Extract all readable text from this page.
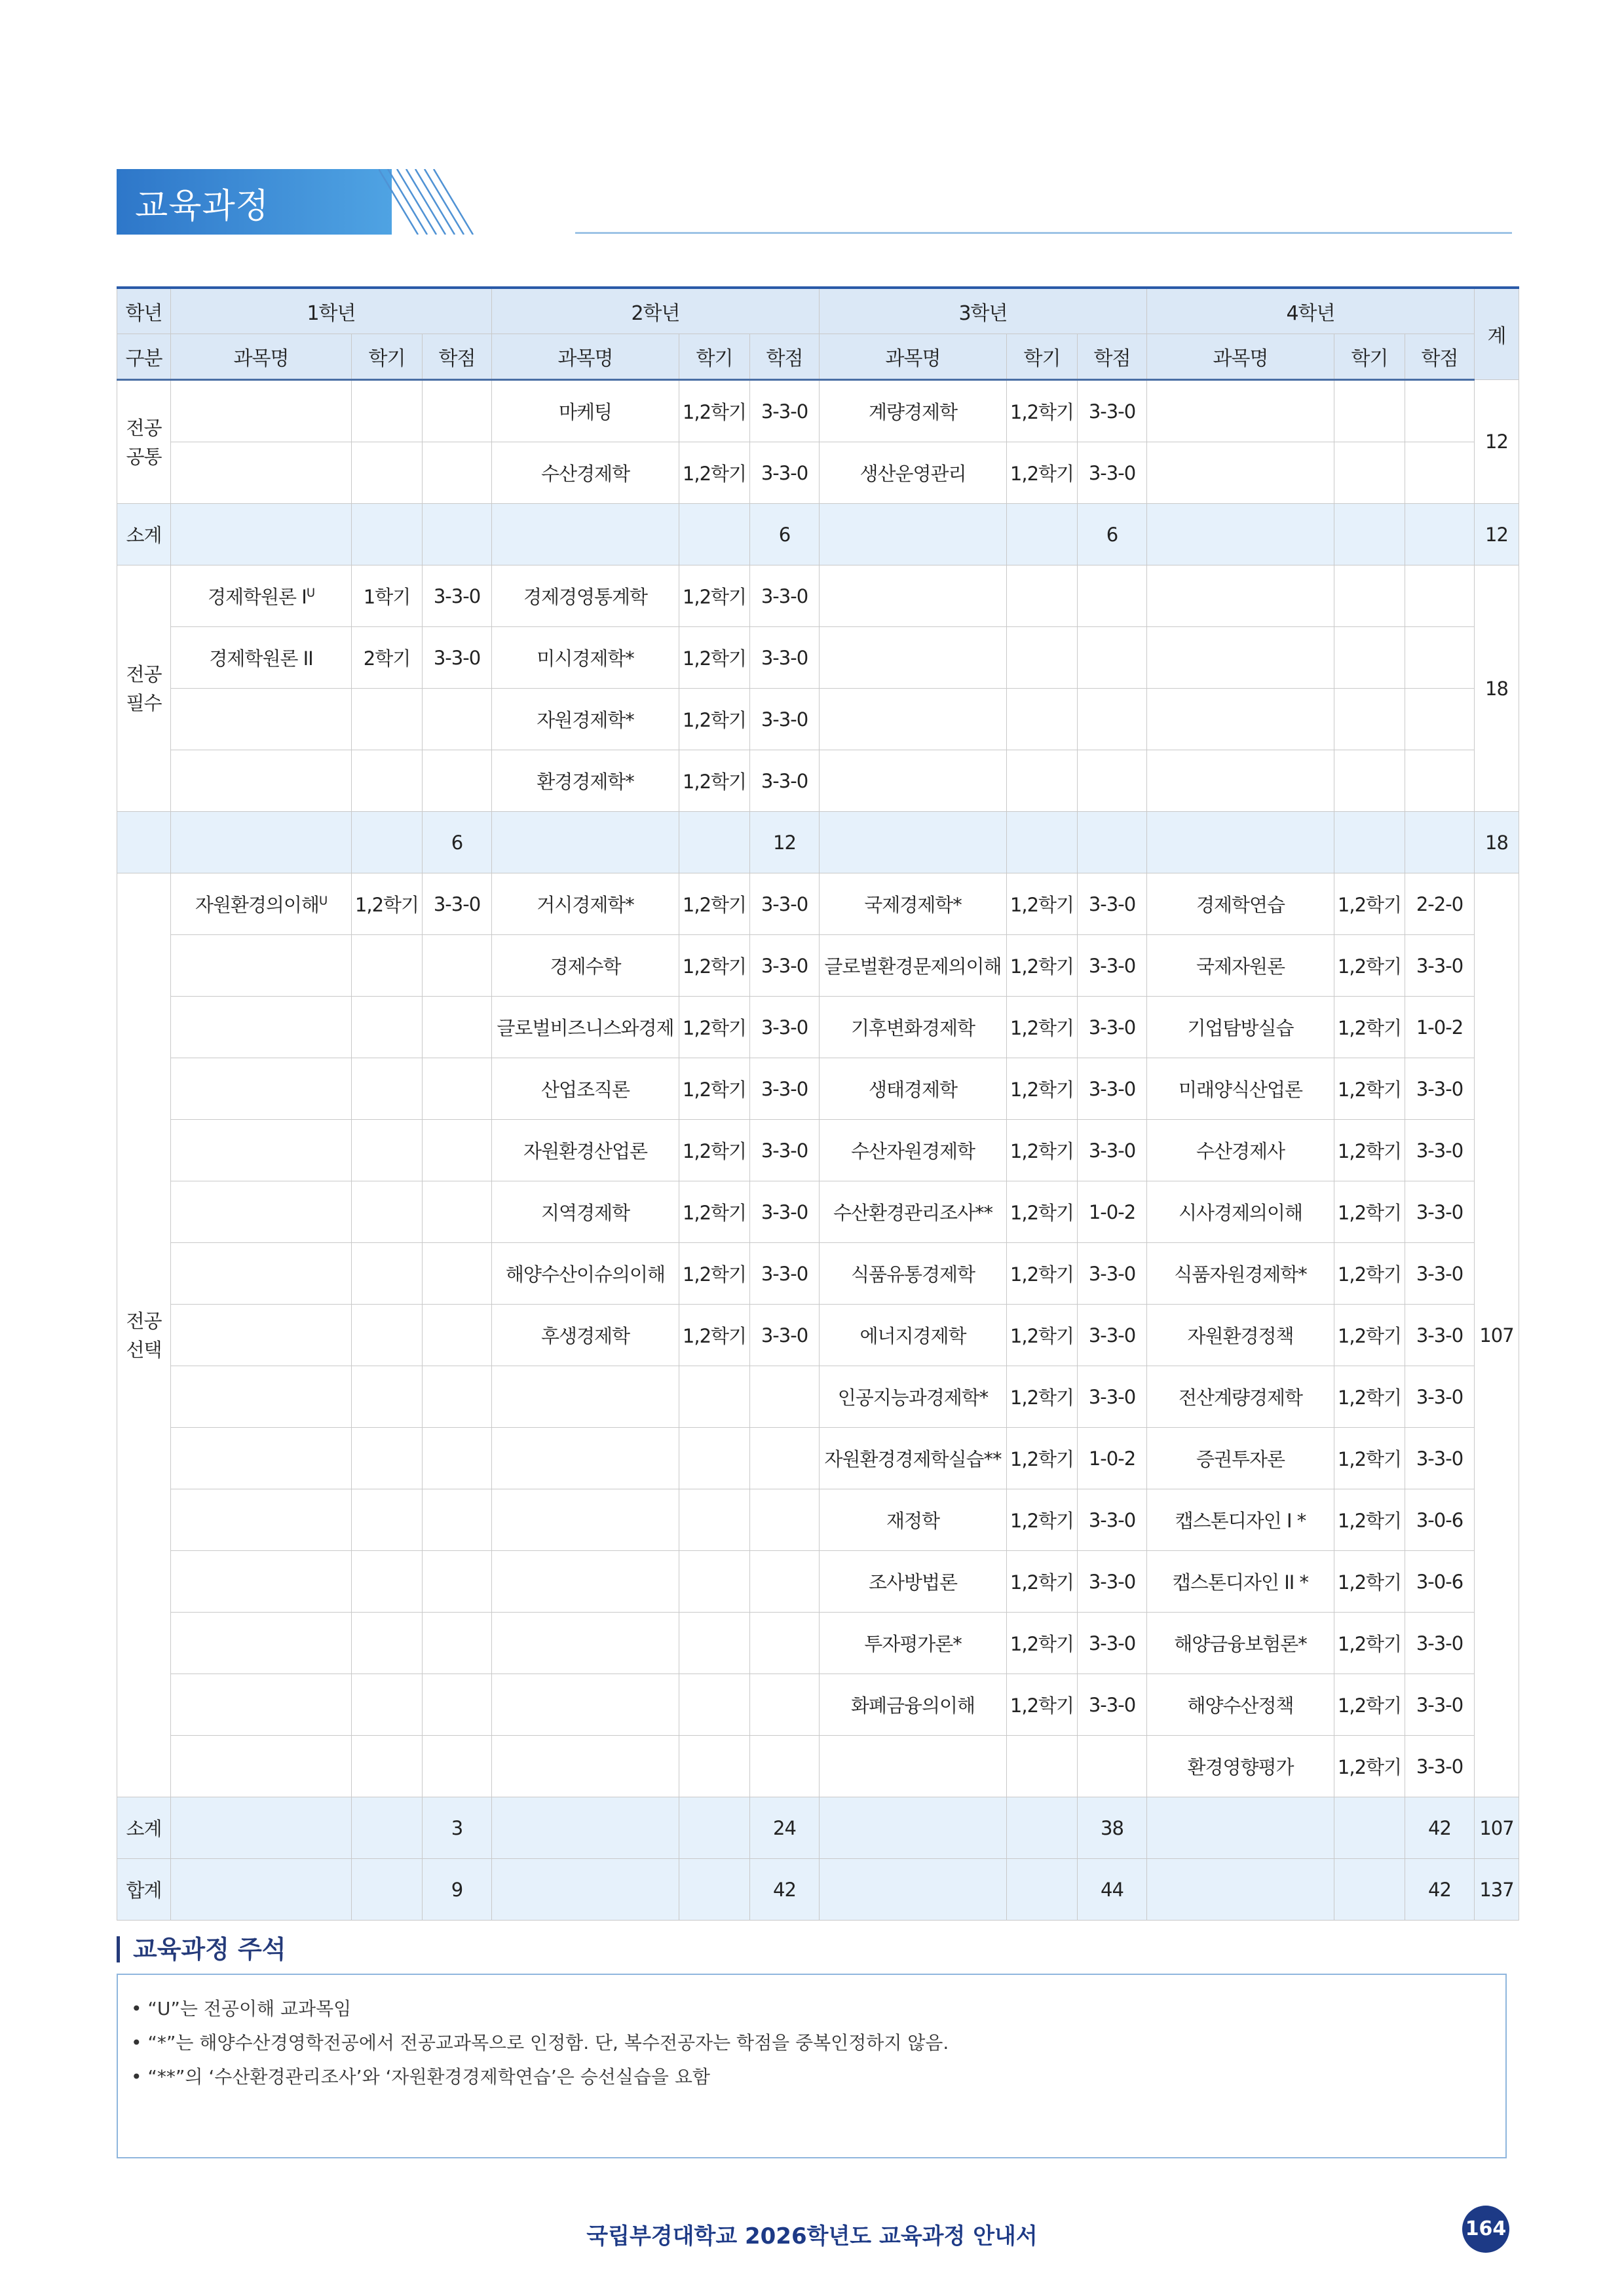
교육과정
학년	1학년			2학년			3학년			4학년			계
구분	과목명	학기	학점	과목명	학기	학점	과목명	학기	학점	과목명	학기	학점	
전공
공통				마케팅	1,2학기	3-3-0	계량경제학	1,2학기	3-3-0				12
				수산경제학	1,2학기	3-3-0	생산운영관리	1,2학기	3-3-0				
소계						6			6				12
전공
필수	경제학원론 $I^U$	1학기	3-3-0	경제경영통계학	1,2학기	3-3-0							18
	경제학원론 II	2학기	3-3-0	미시경제학*	1,2학기	3-3-0							
				자원경제학*	1,2학기	3-3-0							
				환경경제학*	1,2학기	3-3-0							
			6			12							18
전공
선택	자원환경의이해$^U$	1,2학기	3-3-0	거시경제학*	1,2학기	3-3-0	국제경제학*	1,2학기	3-3-0	경제학연습	1,2학기	2-2-0	107
				경제수학	1,2학기	3-3-0	글로벌환경문제의이해	1,2학기	3-3-0	국제자원론	1,2학기	3-3-0	
				글로벌비즈니스와경제	1,2학기	3-3-0	기후변화경제학	1,2학기	3-3-0	기업탐방실습	1,2학기	1-0-2	
				산업조직론	1,2학기	3-3-0	생태경제학	1,2학기	3-3-0	미래양식산업론	1,2학기	3-3-0	
				자원환경산업론	1,2학기	3-3-0	수산자원경제학	1,2학기	3-3-0	수산경제사	1,2학기	3-3-0	
				지역경제학	1,2학기	3-3-0	수산환경관리조사**	1,2학기	1-0-2	시사경제의이해	1,2학기	3-3-0	
				해양수산이슈의이해	1,2학기	3-3-0	식품유통경제학	1,2학기	3-3-0	식품자원경제학*	1,2학기	3-3-0	
				후생경제학	1,2학기	3-3-0	에너지경제학	1,2학기	3-3-0	자원환경정책	1,2학기	3-3-0	
							인공지능과경제학*	1,2학기	3-3-0	전산계량경제학	1,2학기	3-3-0	
							자원환경경제학실습**	1,2학기	1-0-2	증권투자론	1,2학기	3-3-0	
							재정학	1,2학기	3-3-0	캡스톤디자인 I *	1,2학기	3-0-6	
							조사방법론	1,2학기	3-3-0	캡스톤디자인 II *	1,2학기	3-0-6	
							투자평가론*	1,2학기	3-3-0	해양금융보험론*	1,2학기	3-3-0	
							화폐금융의이해	1,2학기	3-3-0	해양수산정책	1,2학기	3-3-0	
										환경영향평가	1,2학기	3-3-0	
소계			3			24			38			42	107
합계			9			42			44			42	137
교육과정 주석
• “U”는 전공이해 교과목임
• “*”는 해양수산경영학전공에서 전공교과목으로 인정함. 단, 복수전공자는 학점을 중복인정하지 않음.
• “**”의 ‘수산환경관리조사’와 ‘자원환경경제학연습’은 승선실습을 요함
국립부경대학교 2026학년도 교육과정 안내서	164
